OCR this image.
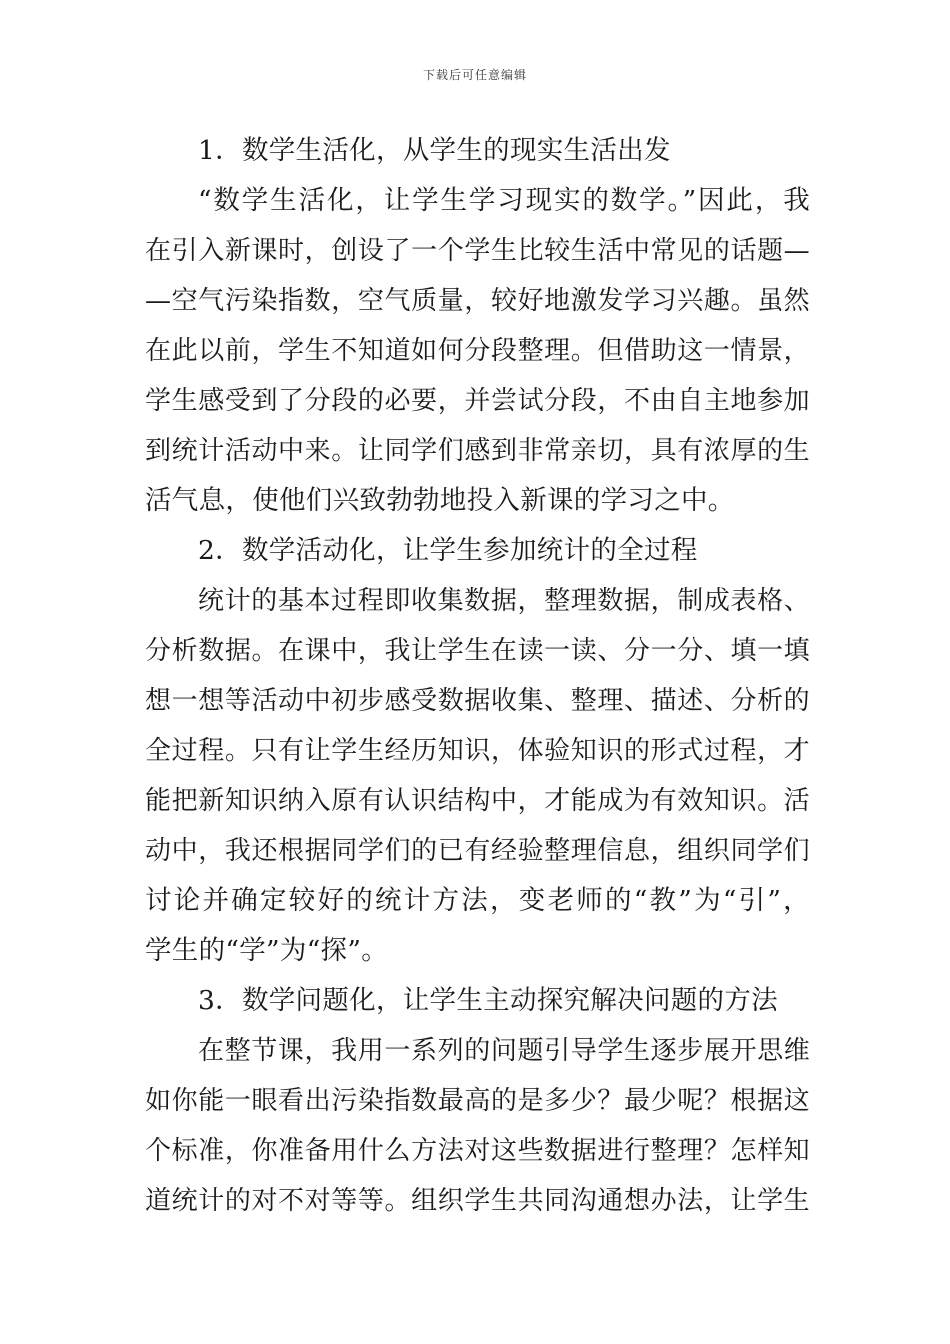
下载后可任意编辑
1．数学生活化，从学生的现实生活出发
“数学生活化，让学生学习现实的数学。”因此，我
在引入新课时，创设了一个学生比较生活中常见的话题—
—空气污染指数，空气质量，较好地激发学习兴趣。虽然
在此以前，学生不知道如何分段整理。但借助这一情景，
学生感受到了分段的必要，并尝试分段，不由自主地参加
到统计活动中来。让同学们感到非常亲切，具有浓厚的生
活气息，使他们兴致勃勃地投入新课的学习之中。
2．数学活动化，让学生参加统计的全过程
统计的基本过程即收集数据，整理数据，制成表格、
分析数据。在课中，我让学生在读一读、分一分、填一填
想一想等活动中初步感受数据收集、整理、描述、分析的
全过程。只有让学生经历知识，体验知识的形式过程，才
能把新知识纳入原有认识结构中，才能成为有效知识。活
动中，我还根据同学们的已有经验整理信息，组织同学们
讨论并确定较好的统计方法，变老师的“教”为“引”，
学生的“学”为“探”。
3．数学问题化，让学生主动探究解决问题的方法
在整节课，我用一系列的问题引导学生逐步展开思维
如你能一眼看出污染指数最高的是多少？最少呢？根据这
个标准，你准备用什么方法对这些数据进行整理？怎样知
道统计的对不对等等。组织学生共同沟通想办法，让学生
